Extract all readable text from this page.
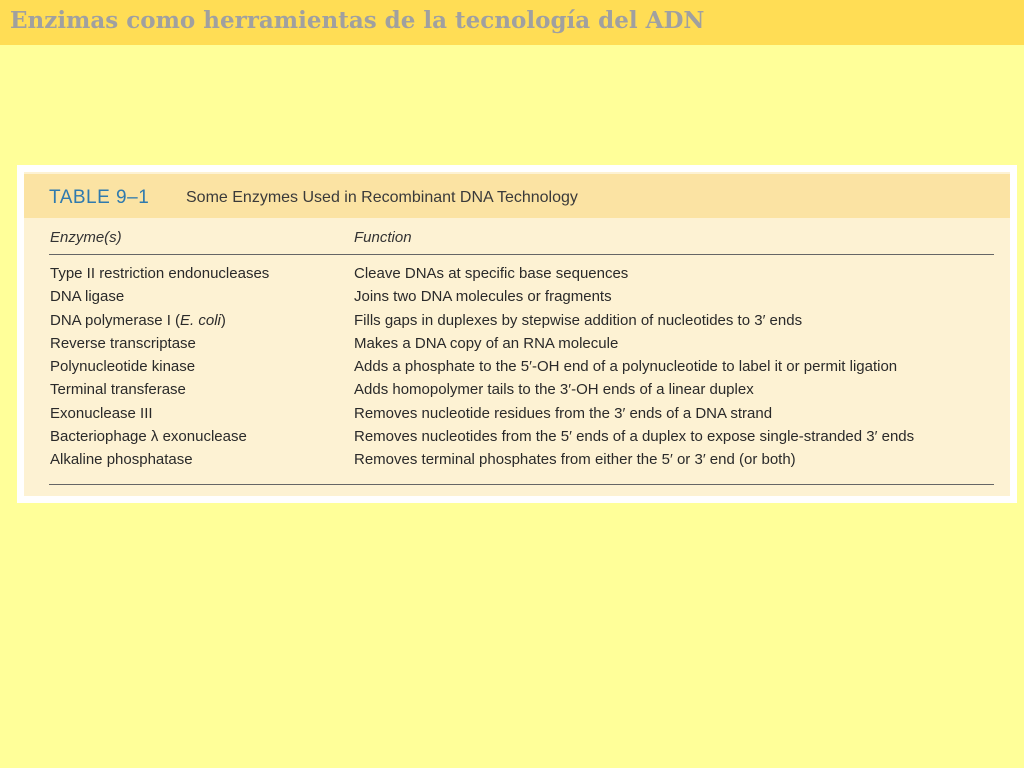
Enzimas como herramientas de la tecnología del ADN
TABLE 9–1 Some Enzymes Used in Recombinant DNA Technology
Enzyme(s)	Function
Type II restriction endonucleases	Cleave DNAs at specific base sequences
DNA ligase	Joins two DNA molecules or fragments
DNA polymerase I (E. coli)	Fills gaps in duplexes by stepwise addition of nucleotides to 3′ ends
Reverse transcriptase	Makes a DNA copy of an RNA molecule
Polynucleotide kinase	Adds a phosphate to the 5′-OH end of a polynucleotide to label it or permit ligation
Terminal transferase	Adds homopolymer tails to the 3′-OH ends of a linear duplex
Exonuclease III	Removes nucleotide residues from the 3′ ends of a DNA strand
Bacteriophage λ exonuclease	Removes nucleotides from the 5′ ends of a duplex to expose single-stranded 3′ ends
Alkaline phosphatase	Removes terminal phosphates from either the 5′ or 3′ end (or both)
